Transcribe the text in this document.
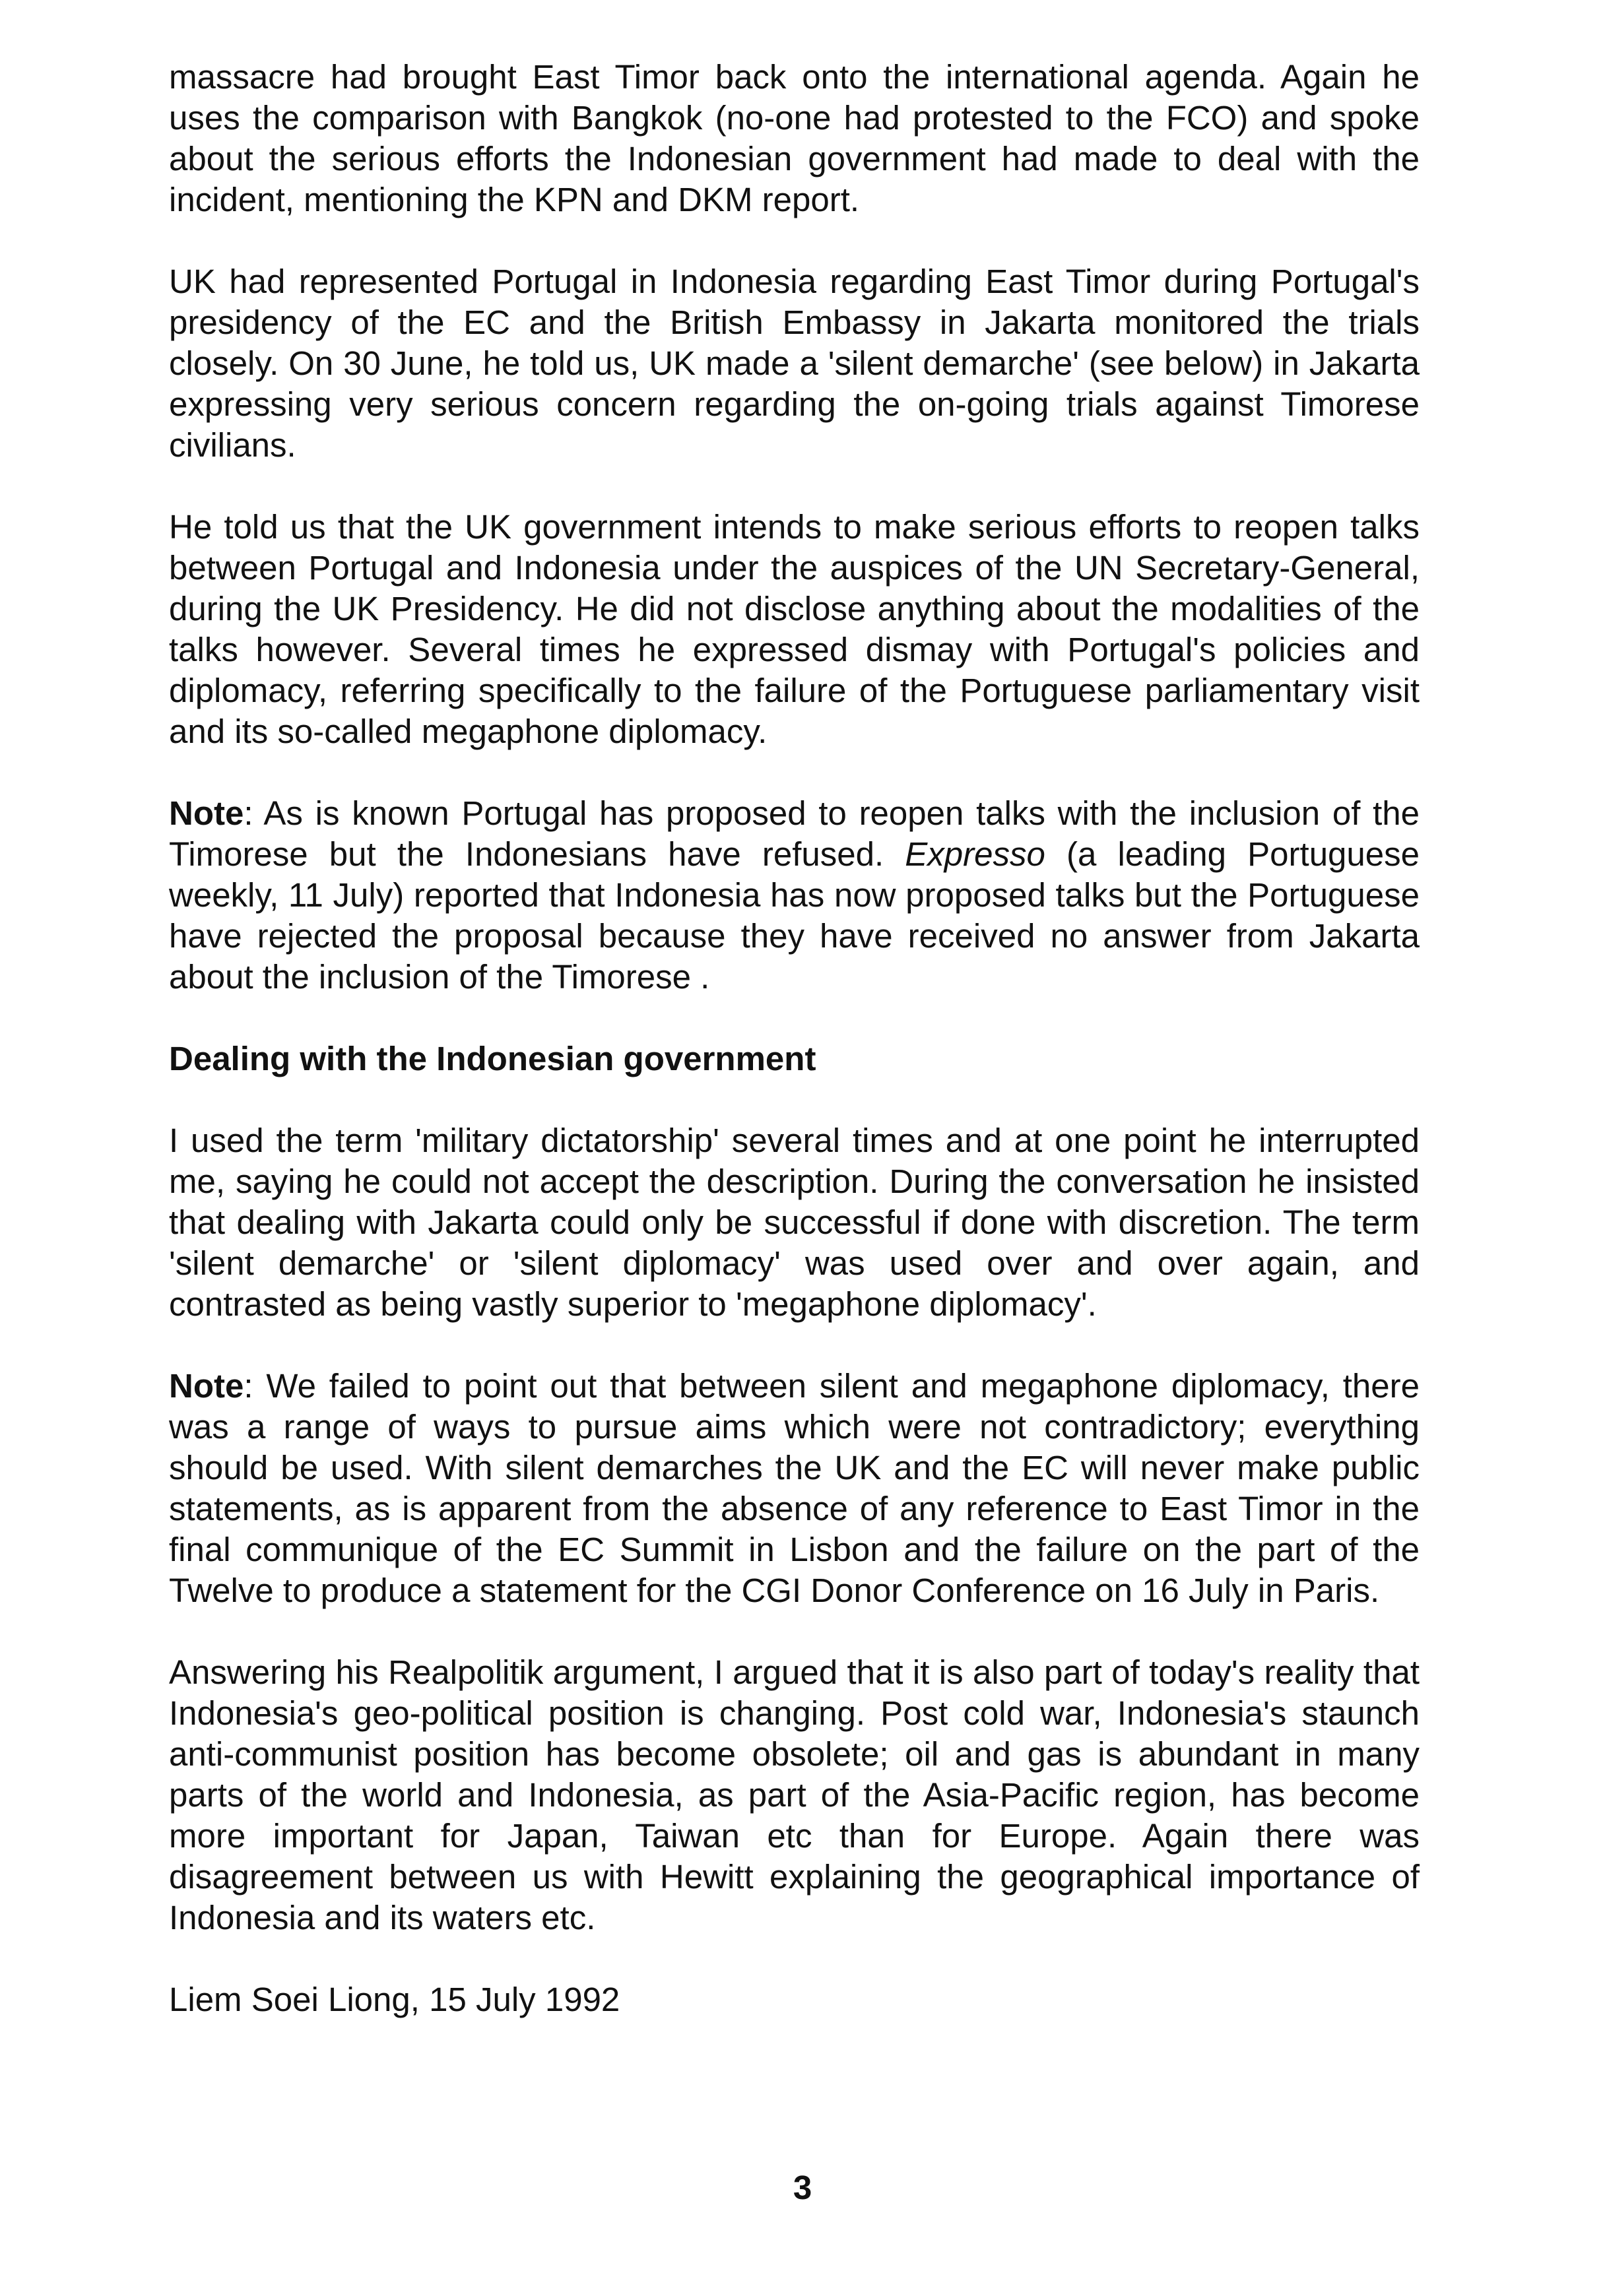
massacre had brought East Timor back onto the international agenda. Again he uses the comparison with Bangkok (no-one had protested to the FCO) and spoke about the serious efforts the Indonesian government had made to deal with the incident, mentioning the KPN and DKM report.

UK had represented Portugal in Indonesia regarding East Timor during Portugal's presidency of the EC and the British Embassy in Jakarta monitored the trials closely. On 30 June, he told us, UK made a 'silent demarche' (see below) in Jakarta expressing very serious concern regarding the on-going trials against Timorese civilians.

He told us that the UK government intends to make serious efforts to reopen talks between Portugal and Indonesia under the auspices of the UN Secretary-General, during the UK Presidency. He did not disclose anything about the modalities of the talks however. Several times he expressed dismay with Portugal's policies and diplomacy, referring specifically to the failure of the Portuguese parliamentary visit and its so-called megaphone diplomacy.

Note: As is known Portugal has proposed to reopen talks with the inclusion of the Timorese but the Indonesians have refused. Expresso (a leading Portuguese weekly, 11 July) reported that Indonesia has now proposed talks but the Portuguese have rejected the proposal because they have received no answer from Jakarta about the inclusion of the Timorese .

Dealing with the Indonesian government

I used the term 'military dictatorship' several times and at one point he interrupted me, saying he could not accept the description. During the conversation he insisted that dealing with Jakarta could only be successful if done with discretion. The term 'silent demarche' or 'silent diplomacy' was used over and over again, and contrasted as being vastly superior to 'megaphone diplomacy'.

Note: We failed to point out that between silent and megaphone diplomacy, there was a range of ways to pursue aims which were not contradictory; everything should be used. With silent demarches the UK and the EC will never make public statements, as is apparent from the absence of any reference to East Timor in the final communique of the EC Summit in Lisbon and the failure on the part of the Twelve to produce a statement for the CGI Donor Conference on 16 July in Paris.

Answering his Realpolitik argument, I argued that it is also part of today's reality that Indonesia's geo-political position is changing. Post cold war, Indonesia's staunch anti-communist position has become obsolete; oil and gas is abundant in many parts of the world and Indonesia, as part of the Asia-Pacific region, has become more important for Japan, Taiwan etc than for Europe. Again there was disagreement between us with Hewitt explaining the geographical importance of Indonesia and its waters etc.

Liem Soei Liong, 15 July 1992

3
